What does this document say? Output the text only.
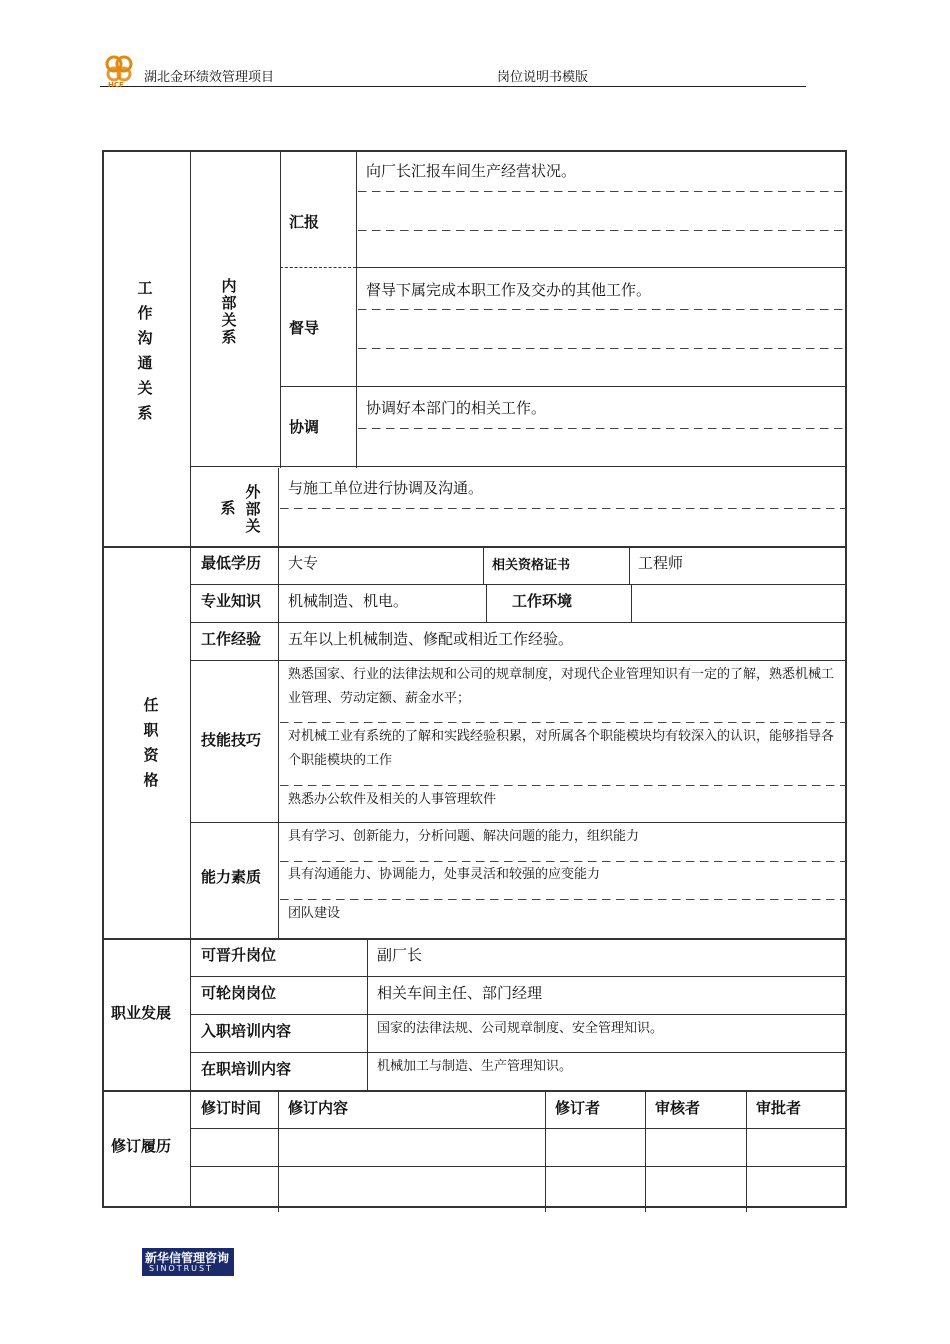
HCF 湖北金环绩效管理项目	岗位说明书模版
工作沟通关系
内部关系
外部关
系
汇报
向厂长汇报车间生产经营状况。
督导
督导下属完成本职工作及交办的其他工作。
协调
协调好本部门的相关工作。
与施工单位进行协调及沟通。
任职资格
最低学历 大专	相关资格证书	工程师
专业知识 机械制造、机电。	工作环境
工作经验 五年以上机械制造、修配或相近工作经验。
技能技巧
熟悉国家、行业的法律法规和公司的规章制度，对现代企业管理知识有一定的了解，熟悉机械工业管理、劳动定额、薪金水平；
对机械工业有系统的了解和实践经验积累，对所属各个职能模块均有较深入的认识，能够指导各个职能模块的工作
熟悉办公软件及相关的人事管理软件
能力素质
具有学习、创新能力，分析问题、解决问题的能力，组织能力
具有沟通能力、协调能力，处事灵活和较强的应变能力
团队建设
职业发展
可晋升岗位	副厂长
可轮岗岗位	相关车间主任、部门经理
入职培训内容	国家的法律法规、公司规章制度、安全管理知识。
在职培训内容	机械加工与制造、生产管理知识。
修订履历
修订时间 修订内容	修订者	审核者	审批者
新华信管理咨询
SINOTRUST
